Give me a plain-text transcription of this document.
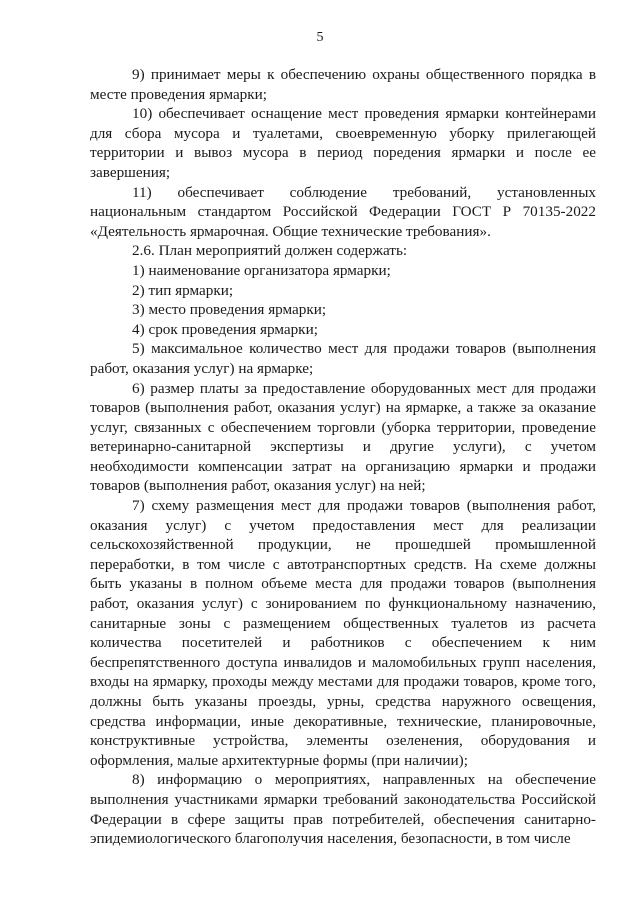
5

9) принимает меры к обеспечению охраны общественного порядка в месте проведения ярмарки;

10) обеспечивает оснащение мест проведения ярмарки контейнерами для сбора мусора и туалетами, своевременную уборку прилегающей территории и вывоз мусора в период поредения ярмарки и после ее завершения;

11) обеспечивает соблюдение требований, установленных национальным стандартом Российской Федерации ГОСТ Р 70135-2022 «Деятельность ярмарочная. Общие технические требования».

2.6. План мероприятий должен содержать:

1) наименование организатора ярмарки;

2) тип ярмарки;

3) место проведения ярмарки;

4) срок проведения ярмарки;

5) максимальное количество мест для продажи товаров (выполнения работ, оказания услуг) на ярмарке;

6) размер платы за предоставление оборудованных мест для продажи товаров (выполнения работ, оказания услуг) на ярмарке, а также за оказание услуг, связанных с обеспечением торговли (уборка территории, проведение ветеринарно-санитарной экспертизы и другие услуги), с учетом необходимости компенсации затрат на организацию ярмарки и продажи товаров (выполнения работ, оказания услуг) на ней;

7) схему размещения мест для продажи товаров (выполнения работ, оказания услуг) с учетом предоставления мест для реализации сельскохозяйственной продукции, не прошедшей промышленной переработки, в том числе с автотранспортных средств. На схеме должны быть указаны в полном объеме места для продажи товаров (выполнения работ, оказания услуг) с зонированием по функциональному назначению, санитарные зоны с размещением общественных туалетов из расчета количества посетителей и работников с обеспечением к ним беспрепятственного доступа инвалидов и маломобильных групп населения, входы на ярмарку, проходы между местами для продажи товаров, кроме того, должны быть указаны проезды, урны, средства наружного освещения, средства информации, иные декоративные, технические, планировочные, конструктивные устройства, элементы озеленения, оборудования и оформления, малые архитектурные формы (при наличии);

8) информацию о мероприятиях, направленных на обеспечение выполнения участниками ярмарки требований законодательства Российской Федерации в сфере защиты прав потребителей, обеспечения санитарно-эпидемиологического благополучия населения, безопасности, в том числе
